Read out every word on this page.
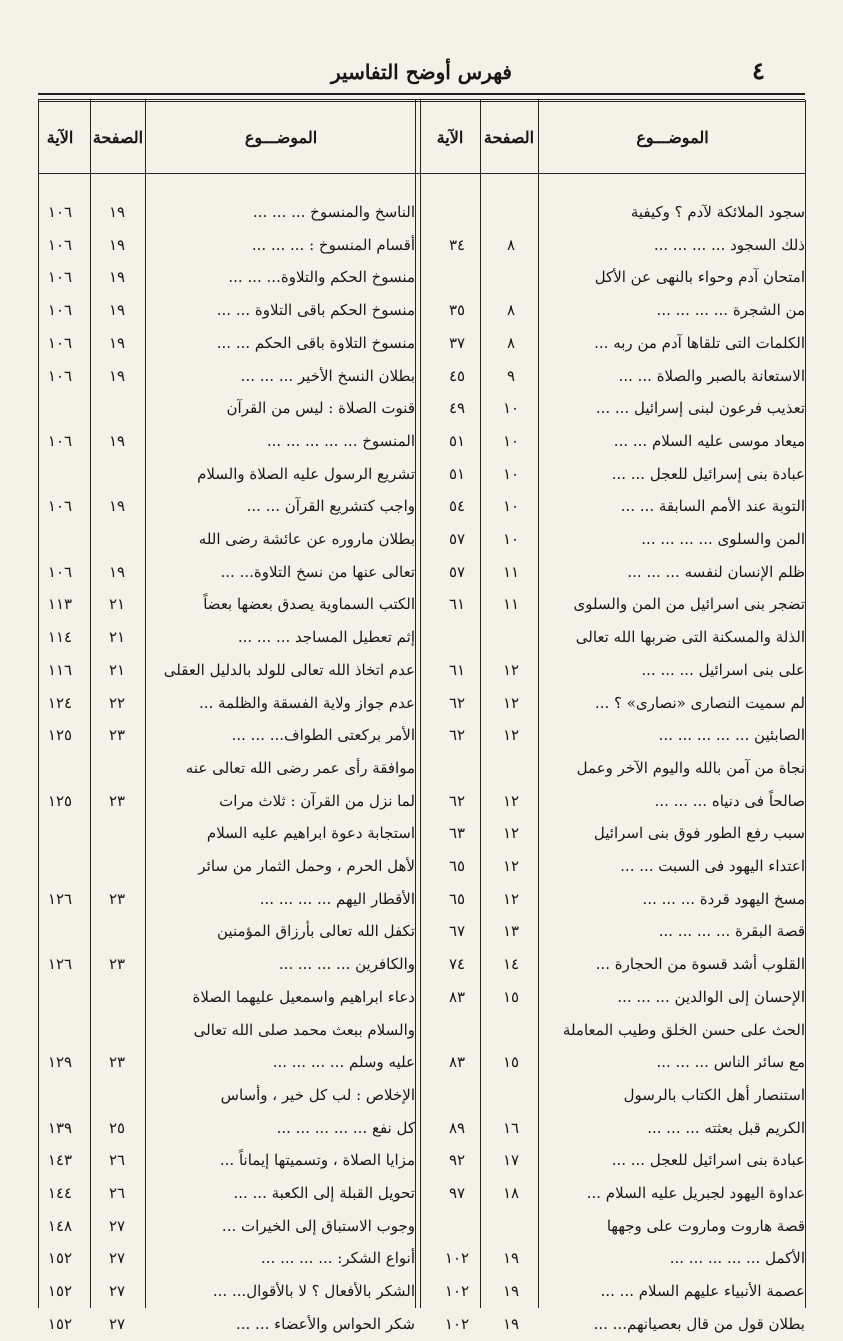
٤
فهرس أوضح التفاسير
الموضـــوع
الصفحة
الآية
الموضـــوع
الصفحة
الآية
سجود الملائكة لآدم ؟ وكيفية
ذلك السجود ... ... ... ...
٨
٣٤
امتحان آدم وحواء بالنهى عن الأكل
من الشجرة ... ... ... ...
٨
٣٥
الكلمات التى تلقاها آدم من ربه ...
٨
٣٧
الاستعانة بالصبر والصلاة ... ...
٩
٤٥
تعذيب فرعون لبنى إسرائيل ... ...
١٠
٤٩
ميعاد موسى عليه السلام ... ...
١٠
٥١
عبادة بنى إسرائيل للعجل ... ...
١٠
٥١
التوبة عند الأمم السابقة ... ...
١٠
٥٤
المن والسلوى ... ... ... ...
١٠
٥٧
ظلم الإنسان لنفسه ... ... ...
١١
٥٧
تضجر بنى اسرائيل من المن والسلوى
١١
٦١
الذلة والمسكنة التى ضربها الله تعالى
على بنى اسرائيل ... ... ...
١٢
٦١
لم سميت النصارى «نصارى» ؟ ...
١٢
٦٢
الصابئين ... ... ... ... ...
١٢
٦٢
نجاة من آمن بالله واليوم الآخر وعمل
صالحاً فى دنياه ... ... ...
١٢
٦٢
سبب رفع الطور فوق بنى اسرائيل
١٢
٦٣
اعتداء اليهود فى السبت ... ...
١٢
٦٥
مسخ اليهود قردة ... ... ...
١٢
٦٥
قصة البقرة ... ... ... ...
١٣
٦٧
القلوب أشد قسوة من الحجارة ...
١٤
٧٤
الإحسان إلى الوالدين ... ... ...
١٥
٨٣
الحث على حسن الخلق وطيب المعاملة
مع سائر الناس ... ... ...
١٥
٨٣
استنصار أهل الكتاب بالرسول
الكريم قبل بعثته ... ... ...
١٦
٨٩
عبادة بنى اسرائيل للعجل ... ...
١٧
٩٢
عداوة اليهود لجبريل عليه السلام ...
١٨
٩٧
قصة هاروت وماروت على وجهها
الأكمل ... ... ... ... ...
١٩
١٠٢
عصمة الأنبياء عليهم السلام ... ...
١٩
١٠٢
بطلان قول من قال بعصيانهم... ...
١٩
١٠٢
الناسخ والمنسوخ ... ... ...
١٩
١٠٦
أقسام المنسوخ : ... ... ...
١٩
١٠٦
منسوخ الحكم والتلاوة... ... ...
١٩
١٠٦
منسوخ الحكم باقى التلاوة ... ...
١٩
١٠٦
منسوخ التلاوة باقى الحكم ... ...
١٩
١٠٦
بطلان النسخ الأخير ... ... ...
١٩
١٠٦
قنوت الصلاة : ليس من القرآن
المنسوخ ... ... ... ... ...
١٩
١٠٦
تشريع الرسول عليه الصلاة والسلام
واجب كتشريع القرآن ... ...
١٩
١٠٦
بطلان ماروره عن عائشة رضى الله
تعالى عنها من نسخ التلاوة... ...
١٩
١٠٦
الكتب السماوية يصدق بعضها بعضاً
٢١
١١٣
إثم تعطيل المساجد ... ... ...
٢١
١١٤
عدم اتخاذ الله تعالى للولد بالدليل العقلى
٢١
١١٦
عدم جواز ولاية الفسقة والظلمة ...
٢٢
١٢٤
الأمر بركعتى الطواف... ... ...
٢٣
١٢٥
موافقة رأى عمر رضى الله تعالى عنه
لما نزل من القرآن : ثلاث مرات
٢٣
١٢٥
استجابة دعوة ابراهيم عليه السلام
لأهل الحرم ، وحمل الثمار من سائر
الأقطار اليهم ... ... ... ...
٢٣
١٢٦
تكفل الله تعالى بأرزاق المؤمنين
والكافرين ... ... ... ...
٢٣
١٢٦
دعاء ابراهيم واسمعيل عليهما الصلاة
والسلام ببعث محمد صلى الله تعالى
عليه وسلم ... ... ... ...
٢٣
١٢٩
الإخلاص : لب كل خير ، وأساس
كل نفع ... ... ... ... ...
٢٥
١٣٩
مزايا الصلاة ، وتسميتها إيماناً ...
٢٦
١٤٣
تحويل القبلة إلى الكعبة ... ...
٢٦
١٤٤
وجوب الاستباق إلى الخيرات ...
٢٧
١٤٨
أنواع الشكر: ... ... ... ...
٢٧
١٥٢
الشكر بالأفعال ؟ لا بالأقوال... ...
٢٧
١٥٢
شكر الحواس والأعضاء ... ...
٢٧
١٥٢
